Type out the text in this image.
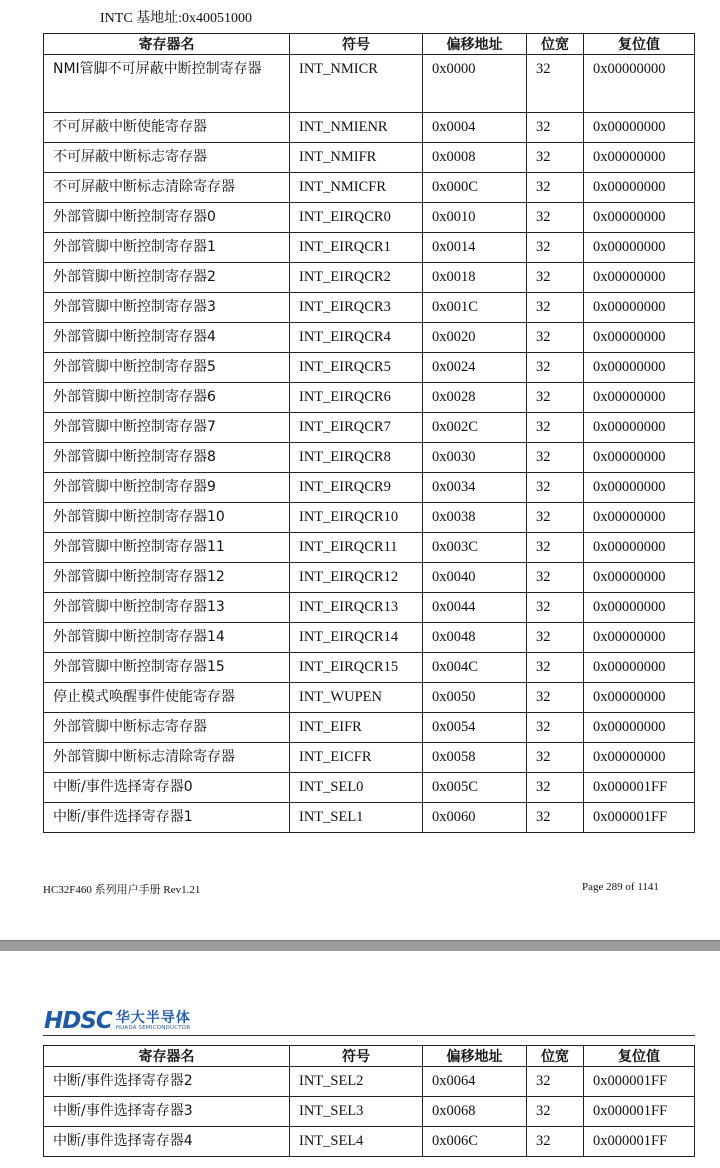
INTC 基地址:0x40051000
寄存器名	符号	偏移地址	位宽	复位值
NMI管脚不可屏蔽中断控制寄存器	INT_NMICR	0x0000	32	0x00000000
不可屏蔽中断使能寄存器	INT_NMIENR	0x0004	32	0x00000000
不可屏蔽中断标志寄存器	INT_NMIFR	0x0008	32	0x00000000
不可屏蔽中断标志清除寄存器	INT_NMICFR	0x000C	32	0x00000000
外部管脚中断控制寄存器0	INT_EIRQCR0	0x0010	32	0x00000000
外部管脚中断控制寄存器1	INT_EIRQCR1	0x0014	32	0x00000000
外部管脚中断控制寄存器2	INT_EIRQCR2	0x0018	32	0x00000000
外部管脚中断控制寄存器3	INT_EIRQCR3	0x001C	32	0x00000000
外部管脚中断控制寄存器4	INT_EIRQCR4	0x0020	32	0x00000000
外部管脚中断控制寄存器5	INT_EIRQCR5	0x0024	32	0x00000000
外部管脚中断控制寄存器6	INT_EIRQCR6	0x0028	32	0x00000000
外部管脚中断控制寄存器7	INT_EIRQCR7	0x002C	32	0x00000000
外部管脚中断控制寄存器8	INT_EIRQCR8	0x0030	32	0x00000000
外部管脚中断控制寄存器9	INT_EIRQCR9	0x0034	32	0x00000000
外部管脚中断控制寄存器10	INT_EIRQCR10	0x0038	32	0x00000000
外部管脚中断控制寄存器11	INT_EIRQCR11	0x003C	32	0x00000000
外部管脚中断控制寄存器12	INT_EIRQCR12	0x0040	32	0x00000000
外部管脚中断控制寄存器13	INT_EIRQCR13	0x0044	32	0x00000000
外部管脚中断控制寄存器14	INT_EIRQCR14	0x0048	32	0x00000000
外部管脚中断控制寄存器15	INT_EIRQCR15	0x004C	32	0x00000000
停止模式唤醒事件使能寄存器	INT_WUPEN	0x0050	32	0x00000000
外部管脚中断标志寄存器	INT_EIFR	0x0054	32	0x00000000
外部管脚中断标志清除寄存器	INT_EICFR	0x0058	32	0x00000000
中断/事件选择寄存器0	INT_SEL0	0x005C	32	0x000001FF
中断/事件选择寄存器1	INT_SEL1	0x0060	32	0x000001FF
HC32F460 系列用户手册 Rev1.21	Page 289 of 1141
HDSC 华大半导体
HUADA SEMICONDUCTOR
寄存器名	符号	偏移地址	位宽	复位值
中断/事件选择寄存器2	INT_SEL2	0x0064	32	0x000001FF
中断/事件选择寄存器3	INT_SEL3	0x0068	32	0x000001FF
中断/事件选择寄存器4	INT_SEL4	0x006C	32	0x000001FF
